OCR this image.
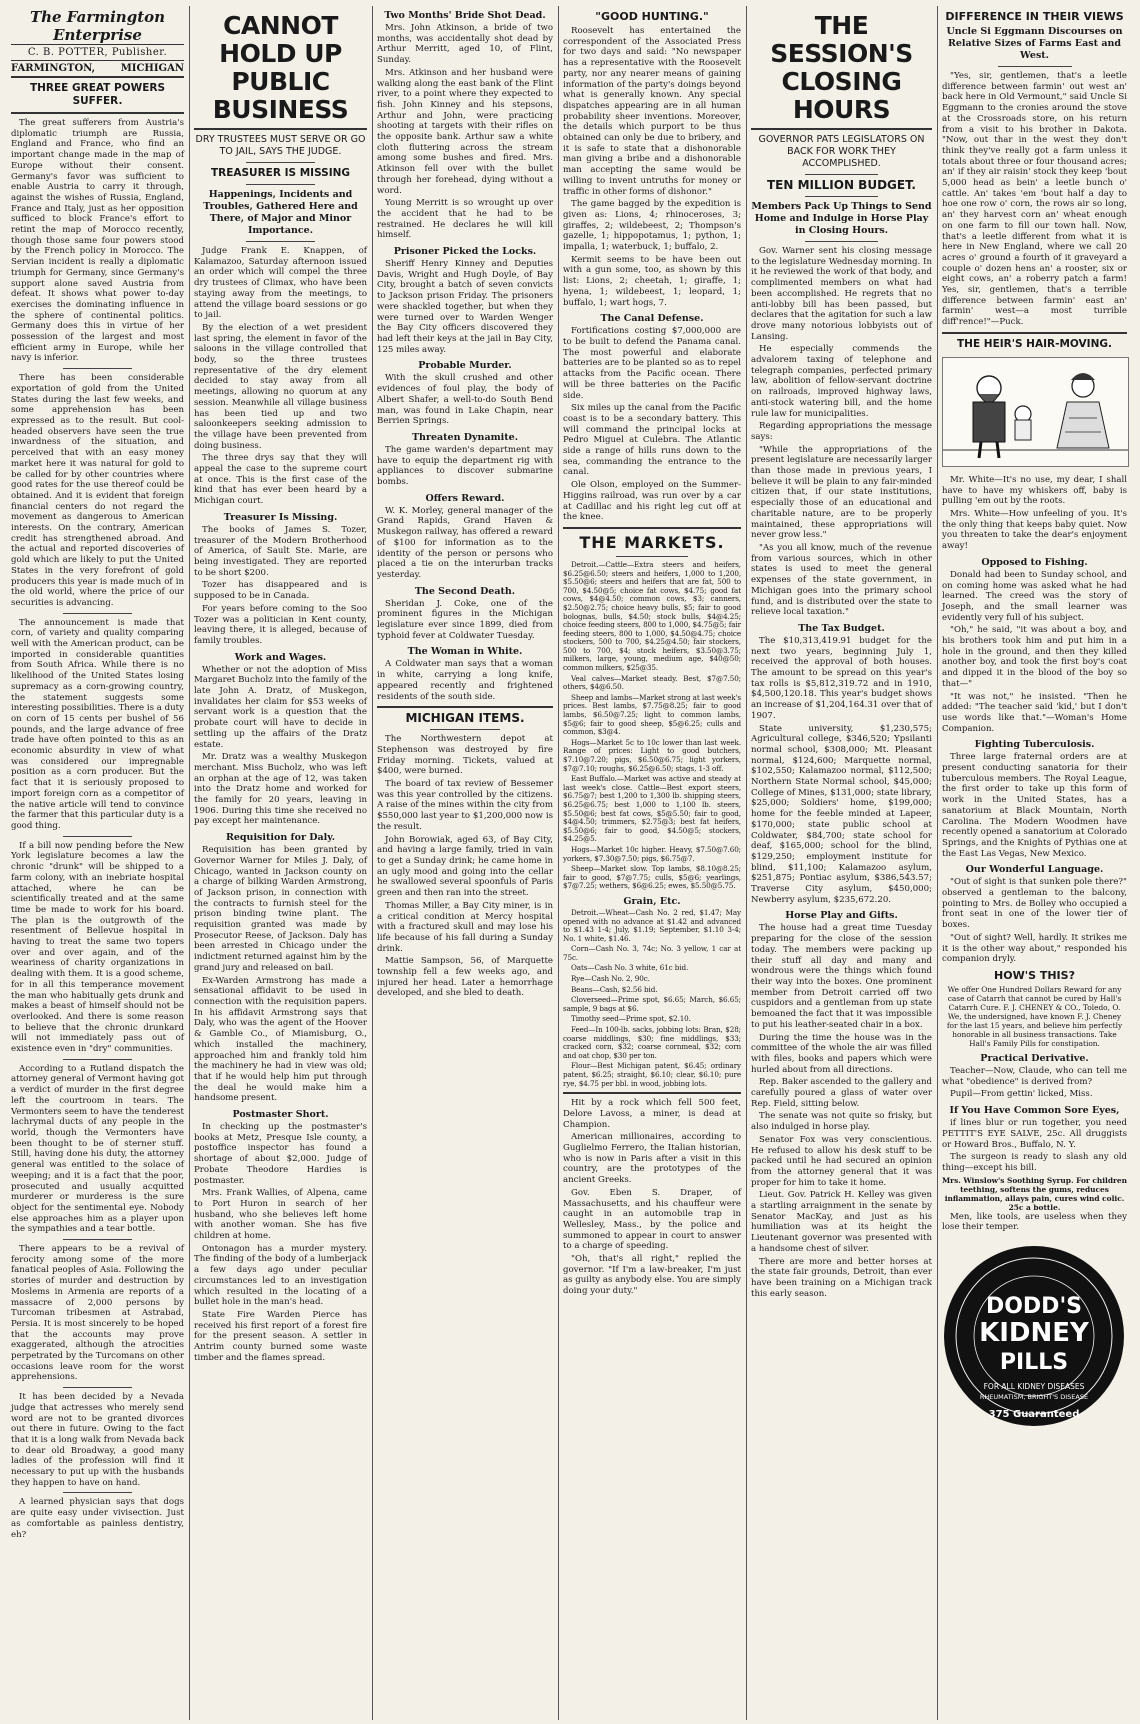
The Farmington Enterprise
C. B. POTTER, Publisher.
FARMINGTON,	MICHIGAN
THREE GREAT POWERS SUFFER.

The great sufferers from Austria's diplomatic triumph are Russia, England and France, who find an important change made in the map of Europe without their consent. Germany's favor was sufficient to enable Austria to carry it through, against the wishes of Russia, England, France and Italy, just as her opposition sufficed to block France's effort to retint the map of Morocco recently, though those same four powers stood by the French policy in Morocco. The Servian incident is really a diplomatic triumph for Germany, since Germany's support alone saved Austria from defeat. It shows what power to-day exercises the dominating influence in the sphere of continental politics. Germany does this in virtue of her possession of the largest and most efficient army in Europe, while her navy is inferior.

There has been considerable exportation of gold from the United States during the last few weeks, and some apprehension has been expressed as to the result. But cool-headed observers have seen the true inwardness of the situation, and perceived that with an easy money market here it was natural for gold to be called for by other countries where good rates for the use thereof could be obtained. And it is evident that foreign financial centers do not regard the movement as dangerous to American interests. On the contrary, American credit has strengthened abroad. And the actual and reported discoveries of gold which are likely to put the United States in the very forefront of gold producers this year is made much of in the old world, where the price of our securities is advancing.

The announcement is made that corn, of variety and quality comparing well with the American product, can be imported in considerable quantities from South Africa. While there is no likelihood of the United States losing supremacy as a corn-growing country, the statement suggests some interesting possibilities. There is a duty on corn of 15 cents per bushel of 56 pounds, and the large advance of free trade have often pointed to this as an economic absurdity in view of what was considered our impregnable position as a corn producer. But the fact that it is seriously proposed to import foreign corn as a competitor of the native article will tend to convince the farmer that this particular duty is a good thing.

If a bill now pending before the New York legislature becomes a law the chronic "drunk" will be shipped to a farm colony, with an inebriate hospital attached, where he can be scientifically treated and at the same time be made to work for his board. The plan is the outgrowth of the resentment of Bellevue hospital in having to treat the same two topers over and over again, and of the weariness of charity organizations in dealing with them. It is a good scheme, for in all this temperance movement the man who habitually gets drunk and makes a beast of himself should not be overlooked. And there is some reason to believe that the chronic drunkard will not immediately pass out of existence even in "dry" communities.

According to a Rutland dispatch the attorney general of Vermont having got a verdict of murder in the first degree left the courtroom in tears. The Vermonters seem to have the tenderest lachrymal ducts of any people in the world, though the Vermonters have been thought to be of sterner stuff. Still, having done his duty, the attorney general was entitled to the solace of weeping; and it is a fact that the poor, prosecuted and usually acquitted murderer or murderess is the sure object for the sentimental eye. Nobody else approaches him as a player upon the sympathies and a tear bottle.

There appears to be a revival of ferocity among some of the more fanatical peoples of Asia. Following the stories of murder and destruction by Moslems in Armenia are reports of a massacre of 2,000 persons by Turcoman tribesmen at Astrabad, Persia. It is most sincerely to be hoped that the accounts may prove exaggerated, although the atrocities perpetrated by the Turcomans on other occasions leave room for the worst apprehensions.

It has been decided by a Nevada judge that actresses who merely send word are not to be granted divorces out there in future. Owing to the fact that it is a long walk from Nevada back to dear old Broadway, a good many ladies of the profession will find it necessary to put up with the husbands they happen to have on hand.

A learned physician says that dogs are quite easy under vivisection. Just as comfortable as painless dentistry, eh?

CANNOT HOLD UP PUBLIC BUSINESS
DRY TRUSTEES MUST SERVE OR GO TO JAIL, SAYS THE JUDGE.
TREASURER IS MISSING
Happenings, Incidents and Troubles, Gathered Here and There, of Major and Minor Importance.

Judge Frank E. Knappen, of Kalamazoo, Saturday afternoon issued an order which will compel the three dry trustees of Climax, who have been staying away from the meetings, to attend the village board sessions or go to jail.

By the election of a wet president last spring, the element in favor of the saloons in the village controlled that body, so the three trustees representative of the dry element decided to stay away from all meetings, allowing no quorum at any session. Meanwhile all village business has been tied up and two saloonkeepers seeking admission to the village have been prevented from doing business.

The three drys say that they will appeal the case to the supreme court at once. This is the first case of the kind that has ever been heard by a Michigan court.

Treasurer Is Missing.

The books of James S. Tozer, treasurer of the Modern Brotherhood of America, of Sault Ste. Marie, are being investigated. They are reported to be short $200.

Tozer has disappeared and is supposed to be in Canada.

For years before coming to the Soo Tozer was a politician in Kent county, leaving there, it is alleged, because of family troubles.

Work and Wages.

Whether or not the adoption of Miss Margaret Bucholz into the family of the late John A. Dratz, of Muskegon, invalidates her claim for $53 weeks of servant work is a question that the probate court will have to decide in settling up the affairs of the Dratz estate.

Mr. Dratz was a wealthy Muskegon merchant. Miss Bucholz, who was left an orphan at the age of 12, was taken into the Dratz home and worked for the family for 20 years, leaving in 1906. During this time she received no pay except her maintenance.

Requisition for Daly.

Requisition has been granted by Governor Warner for Miles J. Daly, of Chicago, wanted in Jackson county on a charge of bilking Warden Armstrong, of Jackson prison, in connection with the contracts to furnish steel for the prison binding twine plant. The requisition granted was made by Prosecutor Reese, of Jackson. Daly has been arrested in Chicago under the indictment returned against him by the grand jury and released on bail.

Ex-Warden Armstrong has made a sensational affidavit to be used in connection with the requisition papers. In his affidavit Armstrong says that Daly, who was the agent of the Hoover & Gamble Co., of Miamisburg, O., which installed the machinery, approached him and frankly told him the machinery he had in view was old; that if he would help him put through the deal he would make him a handsome present.

Postmaster Short.

In checking up the postmaster's books at Metz, Presque Isle county, a postoffice inspector has found a shortage of about $2,000. Judge of Probate Theodore Hardies is postmaster.

Mrs. Frank Wallies, of Alpena, came to Port Huron in search of her husband, who she believes left home with another woman. She has five children at home.

Ontonagon has a murder mystery. The finding of the body of a lumberjack a few days ago under peculiar circumstances led to an investigation which resulted in the locating of a bullet hole in the man's head.

State Fire Warden Pierce has received his first report of a forest fire for the present season. A settler in Antrim county burned some waste timber and the flames spread.

Two Months' Bride Shot Dead.

Mrs. John Atkinson, a bride of two months, was accidentally shot dead by Arthur Merritt, aged 10, of Flint, Sunday.

Mrs. Atkinson and her husband were walking along the east bank of the Flint river, to a point where they expected to fish. John Kinney and his stepsons, Arthur and John, were practicing shooting at targets with their rifles on the opposite bank. Arthur saw a white cloth fluttering across the stream among some bushes and fired. Mrs. Atkinson fell over with the bullet through her forehead, dying without a word.

Young Merritt is so wrought up over the accident that he had to be restrained. He declares he will kill himself.

Prisoner Picked the Locks.

Sheriff Henry Kinney and Deputies Davis, Wright and Hugh Doyle, of Bay City, brought a batch of seven convicts to Jackson prison Friday. The prisoners were shackled together, but when they were turned over to Warden Wenger the Bay City officers discovered they had left their keys at the jail in Bay City, 125 miles away.

Probable Murder.

With the skull crushed and other evidences of foul play, the body of Albert Shafer, a well-to-do South Bend man, was found in Lake Chapin, near Berrien Springs.

Threaten Dynamite.

The game warden's department may have to equip the department rig with appliances to discover submarine bombs.

Offers Reward.

W. K. Morley, general manager of the Grand Rapids, Grand Haven & Muskegon railway, has offered a reward of $100 for information as to the identity of the person or persons who placed a tie on the interurban tracks yesterday.

The Second Death.

Sheridan J. Coke, one of the prominent figures in the Michigan legislature ever since 1899, died from typhoid fever at Coldwater Tuesday.

The Woman in White.

A Coldwater man says that a woman in white, carrying a long knife, appeared recently and frightened residents of the south side.

MICHIGAN ITEMS.

The Northwestern depot at Stephenson was destroyed by fire Friday morning. Tickets, valued at $400, were burned.

The board of tax review of Bessemer was this year controlled by the citizens. A raise of the mines within the city from $550,000 last year to $1,200,000 now is the result.

John Borowiak, aged 63, of Bay City, and having a large family, tried in vain to get a Sunday drink; he came home in an ugly mood and going into the cellar he swallowed several spoonfuls of Paris green and then ran into the street.

Thomas Miller, a Bay City miner, is in a critical condition at Mercy hospital with a fractured skull and may lose his life because of his fall during a Sunday drink.

Mattie Sampson, 56, of Marquette township fell a few weeks ago, and injured her head. Later a hemorrhage developed, and she bled to death.

"GOOD HUNTING."

Roosevelt has entertained the correspondent of the Associated Press for two days and said: "No newspaper has a representative with the Roosevelt party, nor any nearer means of gaining information of the party's doings beyond what is generally known. Any special dispatches appearing are in all human probability sheer inventions. Moreover, the details which purport to be thus obtained can only be due to bribery, and it is safe to state that a dishonorable man giving a bribe and a dishonorable man accepting the same would be willing to invent untruths for money or traffic in other forms of dishonor."

The game bagged by the expedition is given as: Lions, 4; rhinoceroses, 3; giraffes, 2; wildebeest, 2; Thompson's gazelle, 1; hippopotamus, 1; python, 1; impalla, 1; waterbuck, 1; buffalo, 2.

Kermit seems to be have been out with a gun some, too, as shown by this list: Lions, 2; cheetah, 1; giraffe, 1; hyena, 1; wildebeest, 1; leopard, 1; buffalo, 1; wart hogs, 7.

The Canal Defense.

Fortifications costing $7,000,000 are to be built to defend the Panama canal. The most powerful and elaborate batteries are to be planted so as to repel attacks from the Pacific ocean. There will be three batteries on the Pacific side.

Six miles up the canal from the Pacific coast is to be a secondary battery. This will command the principal locks at Pedro Miguel at Culebra. The Atlantic side a range of hills runs down to the sea, commanding the entrance to the canal.

Ole Olson, employed on the Summer-Higgins railroad, was run over by a car at Cadillac and his right leg cut off at the knee.

THE MARKETS.

Detroit.—Cattle—Extra steers and heifers, $6.25@6.50; steers and heifers, 1,000 to 1,200, $5.50@6; steers and heifers that are fat, 500 to 700, $4.50@5; choice fat cows, $4.75; good fat cows, $4@4.50; common cows, $3; canners, $2.50@2.75; choice heavy bulls, $5; fair to good bolognas, bulls, $4.50; stock bulls, $4@4.25; choice feeding steers, 800 to 1,000, $4.75@5; fair feeding steers, 800 to 1,000, $4.50@4.75; choice stockers, 500 to 700, $4.25@4.50; fair stockers, 500 to 700, $4; stock heifers, $3.50@3.75; milkers, large, young, medium age, $40@50; common milkers, $25@35.

Veal calves—Market steady. Best, $7@7.50; others, $4@6.50.

Sheep and lambs—Market strong at last week's prices. Best lambs, $7.75@8.25; fair to good lambs, $6.50@7.25; light to common lambs, $5@6; fair to good sheep, $5@6.25; culls and common, $3@4.

Hogs—Market 5c to 10c lower than last week. Range of prices: Light to good butchers, $7.10@7.20; pigs, $6.50@6.75; light yorkers, $7@7.10; roughs, $6.25@6.50; stags, 1-3 off.

East Buffalo.—Market was active and steady at last week's close. Cattle—Best export steers, $6.75@7; best 1,200 to 1,300 lb. shipping steers, $6.25@6.75; best 1,000 to 1,100 lb. steers, $5.50@6; best fat cows, $5@5.50; fair to good, $4@4.50; trimmers, $2.75@3; best fat heifers, $5.50@6; fair to good, $4.50@5; stockers, $4.25@5.

Hogs—Market 10c higher. Heavy, $7.50@7.60; yorkers, $7.30@7.50; pigs, $6.75@7.

Sheep—Market slow. Top lambs, $8.10@8.25; fair to good, $7@7.75; culls, $5@6; yearlings, $7@7.25; wethers, $6@6.25; ewes, $5.50@5.75.

Grain, Etc.

Detroit.—Wheat—Cash No. 2 red, $1.47; May opened with no advance at $1.42 and advanced to $1.43 1-4; July, $1.19; September, $1.10 3-4; No. 1 white, $1.46.

Corn—Cash No. 3, 74c; No. 3 yellow, 1 car at 75c.

Oats—Cash No. 3 white, 61c bid.

Rye—Cash No. 2, 90c.

Beans—Cash, $2.56 bid.

Cloverseed—Prime spot, $6.65; March, $6.65; sample, 9 bags at $6.

Timothy seed—Prime spot, $2.10.

Feed—In 100-lb. sacks, jobbing lots: Bran, $28; coarse middlings, $30; fine middlings, $33; cracked corn, $32; coarse cornmeal, $32; corn and oat chop, $30 per ton.

Flour—Best Michigan patent, $6.45; ordinary patent, $6.25; straight, $6.10; clear, $6.10; pure rye, $4.75 per bbl. in wood, jobbing lots.

Hit by a rock which fell 500 feet, Delore Lavoss, a miner, is dead at Champion.

American millionaires, according to Guglielmo Ferrero, the Italian historian, who is now in Paris after a visit in this country, are the prototypes of the ancient Greeks.

Gov. Eben S. Draper, of Massachusetts, and his chauffeur were caught in an automobile trap in Wellesley, Mass., by the police and summoned to appear in court to answer to a charge of speeding.

"Oh, that's all right," replied the governor. "If I'm a law-breaker, I'm just as guilty as anybody else. You are simply doing your duty."

THE SESSION'S CLOSING HOURS
GOVERNOR PATS LEGISLATORS ON BACK FOR WORK THEY ACCOMPLISHED.
TEN MILLION BUDGET.
Members Pack Up Things to Send Home and Indulge in Horse Play in Closing Hours.

Gov. Warner sent his closing message to the legislature Wednesday morning. In it he reviewed the work of that body, and complimented members on what had been accomplished. He regrets that no anti-lobby bill has been passed, but declares that the agitation for such a law drove many notorious lobbyists out of Lansing.

He especially commends the advalorem taxing of telephone and telegraph companies, perfected primary law, abolition of fellow-servant doctrine on railroads, improved highway laws, anti-stock watering bill, and the home rule law for municipalities.

Regarding appropriations the message says:

"While the appropriations of the present legislature are necessarily larger than those made in previous years, I believe it will be plain to any fair-minded citizen that, if our state institutions, especially those of an educational and charitable nature, are to be properly maintained, these appropriations will never grow less."

"As you all know, much of the revenue from various sources, which in other states is used to meet the general expenses of the state government, in Michigan goes into the primary school fund, and is distributed over the state to relieve local taxation."

The Tax Budget.

The $10,313,419.91 budget for the next two years, beginning July 1, received the approval of both houses. The amount to be spread on this year's tax rolls is $5,812,319.72 and in 1910, $4,500,120.18. This year's budget shows an increase of $1,204,164.31 over that of 1907.

State university, $1,230,575; Agricultural college, $346,520; Ypsilanti normal school, $308,000; Mt. Pleasant normal, $124,600; Marquette normal, $102,550; Kalamazoo normal, $112,500; Northern State Normal school, $45,000; College of Mines, $131,000; state library, $25,000; Soldiers' home, $199,000; home for the feeble minded at Lapeer, $170,000; state public school at Coldwater, $84,700; state school for deaf, $165,000; school for the blind, $129,250; employment institute for blind, $11,100; Kalamazoo asylum, $251,875; Pontiac asylum, $386,543.57; Traverse City asylum, $450,000; Newberry asylum, $235,672.20.

Horse Play and Gifts.

The house had a great time Tuesday preparing for the close of the session today. The members were packing up their stuff all day and many and wondrous were the things which found their way into the boxes. One prominent member from Detroit carried off two cuspidors and a gentleman from up state bemoaned the fact that it was impossible to put his leather-seated chair in a box.

During the time the house was in the committee of the whole the air was filled with files, books and papers which were hurled about from all directions.

Rep. Baker ascended to the gallery and carefully poured a glass of water over Rep. Field, sitting below.

The senate was not quite so frisky, but also indulged in horse play.

Senator Fox was very conscientious. He refused to allow his desk stuff to be packed until he had secured an opinion from the attorney general that it was proper for him to take it home.

Lieut. Gov. Patrick H. Kelley was given a startling arraignment in the senate by Senator MacKay, and just as his humiliation was at its height the Lieutenant governor was presented with a handsome chest of silver.

There are more and better horses at the state fair grounds, Detroit, than ever have been training on a Michigan track this early season.

DIFFERENCE IN THEIR VIEWS
Uncle Si Eggmann Discourses on Relative Sizes of Farms East and West.

"Yes, sir, gentlemen, that's a leetle difference between farmin' out west an' back here in Old Vermount," said Uncle Si Eggmann to the cronies around the stove at the Crossroads store, on his return from a visit to his brother in Dakota. "Now, out thar in the west they don't think they've really got a farm unless it totals about three or four thousand acres; an' if they air raisin' stock they keep 'bout 5,000 head as bein' a leetle bunch o' cattle. An' takes 'em 'bout half a day to hoe one row o' corn, the rows air so long, an' they harvest corn an' wheat enough on one farm to fill our town hall. Now, that's a leetle different from what it is here in New England, where we call 20 acres o' ground a fourth of it graveyard a couple o' dozen hens an' a rooster, six or eight cows, an' a roberry patch a farm! Yes, sir, gentlemen, that's a terrible difference between farmin' east an' farmin' west—a most turrible diff'rence!"—Puck.

THE HEIR'S HAIR-MOVING.

Mr. White—It's no use, my dear, I shall have to have my whiskers off, baby is pulling 'em out by the roots.

Mrs. White—How unfeeling of you. It's the only thing that keeps baby quiet. Now you threaten to take the dear's enjoyment away!

Opposed to Fishing.

Donald had been to Sunday school, and on coming home was asked what he had learned. The creed was the story of Joseph, and the small learner was evidently very full of his subject.

"Oh," he said, "it was about a boy, and his brothers took him and put him in a hole in the ground, and then they killed another boy, and took the first boy's coat and dipped it in the blood of the boy so that—"

"It was not," he insisted. "Then he added: "The teacher said 'kid,' but I don't use words like that."—Woman's Home Companion.

Fighting Tuberculosis.

Three large fraternal orders are at present conducting sanatoria for their tuberculous members. The Royal League, the first order to take up this form of work in the United States, has a sanatorium at Black Mountain, North Carolina. The Modern Woodmen have recently opened a sanatorium at Colorado Springs, and the Knights of Pythias one at the East Las Vegas, New Mexico.

Our Wonderful Language.

"Out of sight is that sunken pole there?" observed a gentleman to the balcony, pointing to Mrs. de Bolley who occupied a front seat in one of the lower tier of boxes.

"Out of sight? Well, hardly. It strikes me it is the other way about," responded his companion dryly.

HOW'S THIS?
We offer One Hundred Dollars Reward for any case of Catarrh that cannot be cured by Hall's Catarrh Cure. F. J. CHENEY & CO., Toledo, O. We, the undersigned, have known F. J. Cheney for the last 15 years, and believe him perfectly honorable in all business transactions. Take Hall's Family Pills for constipation.
Practical Derivative.

Teacher—Now, Claude, who can tell me what "obedience" is derived from?

Pupil—From gettin' licked, Miss.

If You Have Common Sore Eyes,

if lines blur or run together, you need PETTIT'S EYE SALVE, 25c. All druggists or Howard Bros., Buffalo, N. Y.

The surgeon is ready to slash any old thing—except his bill.

Mrs. Winslow's Soothing Syrup. For children teething, softens the gums, reduces inflammation, allays pain, cures wind colic. 25c a bottle.

Men, like tools, are useless when they lose their temper.

DODD'S
KIDNEY
PILLS
FOR ALL KIDNEY DISEASES
RHEUMATISM, BRIGHT'S DISEASE
375 Guaranteed
